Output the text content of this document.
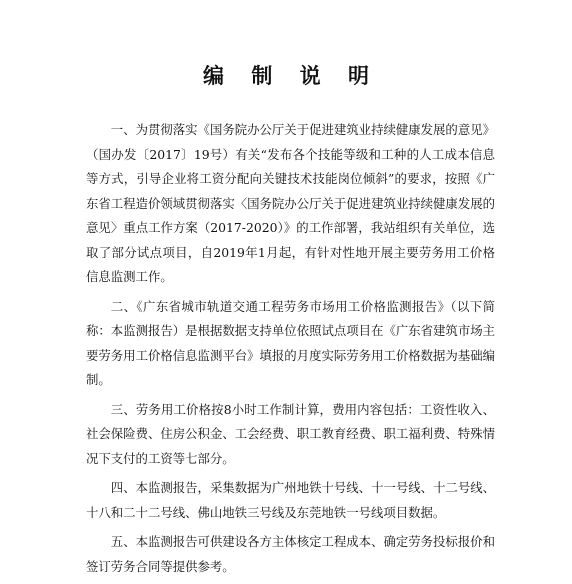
编 制 说 明

一、为贯彻落实《国务院办公厅关于促进建筑业持续健康发展的意见》（国办发〔2017〕19号）有关“发布各个技能等级和工种的人工成本信息等方式，引导企业将工资分配向关键技术技能岗位倾斜”的要求，按照《广东省工程造价领域贯彻落实〈国务院办公厅关于促进建筑业持续健康发展的意见〉重点工作方案（2017-2020）》的工作部署，我站组织有关单位，选取了部分试点项目，自2019年1月起，有针对性地开展主要劳务用工价格信息监测工作。

二、《广东省城市轨道交通工程劳务市场用工价格监测报告》（以下简称：本监测报告）是根据数据支持单位依照试点项目在《广东省建筑市场主要劳务用工价格信息监测平台》填报的月度实际劳务用工价格数据为基础编制。

三、劳务用工价格按8小时工作制计算，费用内容包括：工资性收入、社会保险费、住房公积金、工会经费、职工教育经费、职工福利费、特殊情况下支付的工资等七部分。

四、本监测报告，采集数据为广州地铁十号线、十一号线、十二号线、十八和二十二号线、佛山地铁三号线及东莞地铁一号线项目数据。

五、本监测报告可供建设各方主体核定工程成本、确定劳务投标报价和签订劳务合同等提供参考。
